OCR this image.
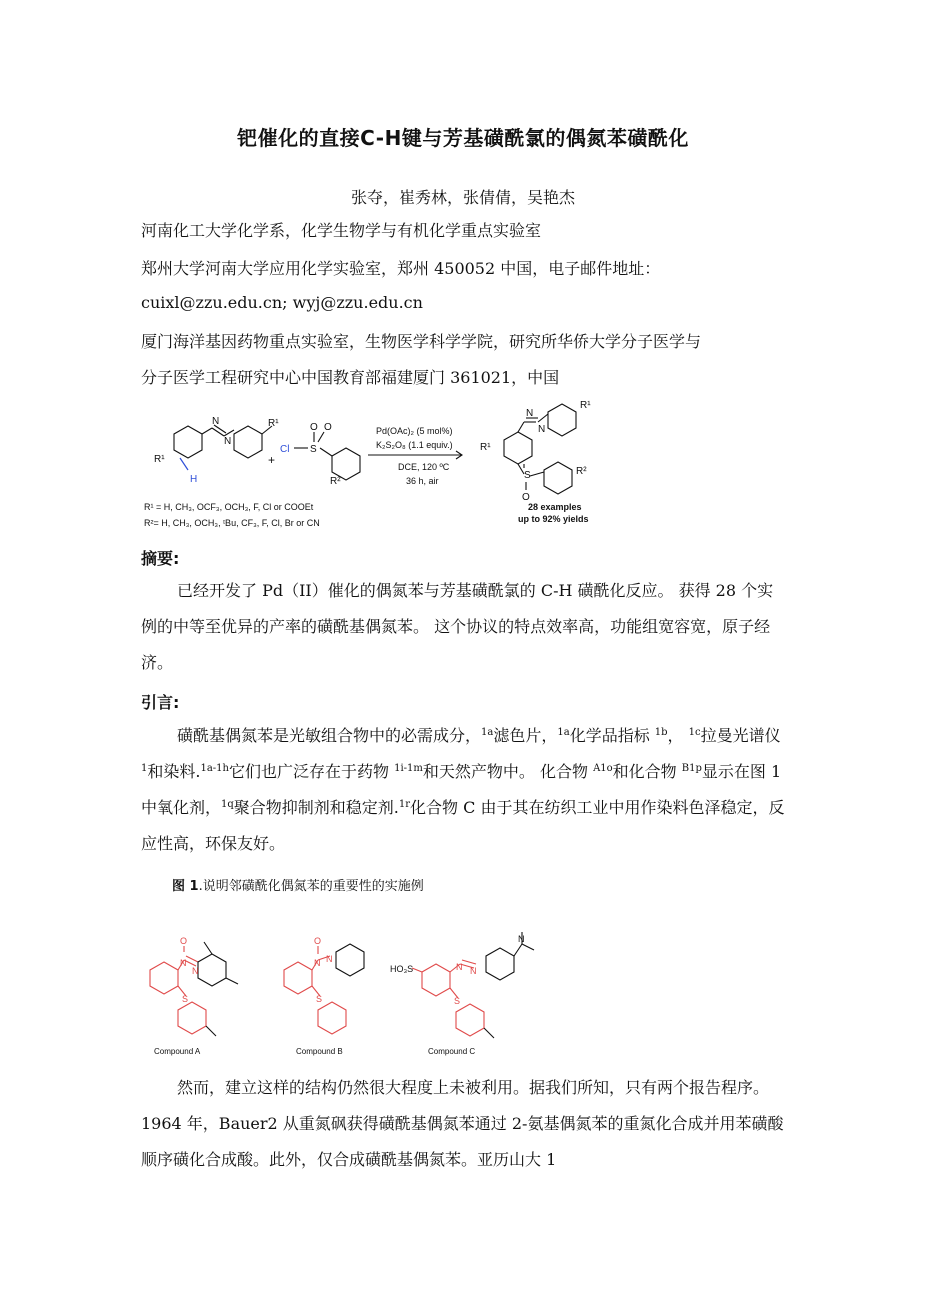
钯催化的直接C-H键与芳基磺酰氯的偶氮苯磺酰化
张夺，崔秀林，张倩倩，吴艳杰
河南化工大学化学系，化学生物学与有机化学重点实验室
郑州大学河南大学应用化学实验室，郑州 450052 中国，电子邮件地址：
cuixl@zzu.edu.cn; wyj@zzu.edu.cn
厦门海洋基因药物重点实验室，生物医学科学学院，研究所华侨大学分子医学与
分子医学工程研究中心中国教育部福建厦门 361021，中国
N
N
R¹
R¹
H
+
Cl S
O O
R²
Pd(OAc)₂ (5 mol%)
K₂S₂O₈ (1.1 equiv.)
DCE, 120 ºC
36 h, air
R¹
N
N
R¹
S
O
R²
R¹ = H, CH₃, OCF₃, OCH₃, F, Cl or COOEt
R²= H, CH₃, OCH₃, ᵗBu, CF₃, F, Cl, Br or CN
28 examples
up to 92% yields
摘要:
已经开发了 Pd（II）催化的偶氮苯与芳基磺酰氯的 C-H 磺酰化反应。 获得 28 个实例的中等至优异的产率的磺酰基偶氮苯。 这个协议的特点效率高，功能组宽容宽，原子经济。
引言:
磺酰基偶氮苯是光敏组合物中的必需成分，$^{1a}$滤色片，$^{1a}$化学品指标 $^{1b}$， $^{1c}$拉曼光谱仪 $^1$和染料.$^{1a-1h}$它们也广泛存在于药物 $^{1i-1m}$和天然产物中。 化合物 $^{A1o}$和化合物 $^{B1p}$显示在图 1 中氧化剂，$^{1q}$聚合物抑制剂和稳定剂.$^{1r}$化合物 C 由于其在纺织工业中用作染料色泽稳定，反应性高，环保友好。
图 1.说明邻磺酰化偶氮苯的重要性的实施例
N
N
O
S
N N
O
S
N N
S
HO₃S
N
Compound A	Compound B	Compound C
然而，建立这样的结构仍然很大程度上未被利用。据我们所知，只有两个报告程序。 1964 年，Bauer2 从重氮砜获得磺酰基偶氮苯通过 2-氨基偶氮苯的重氮化合成并用苯磺酸顺序磺化合成酸。此外，仅合成磺酰基偶氮苯。亚历山大 1
